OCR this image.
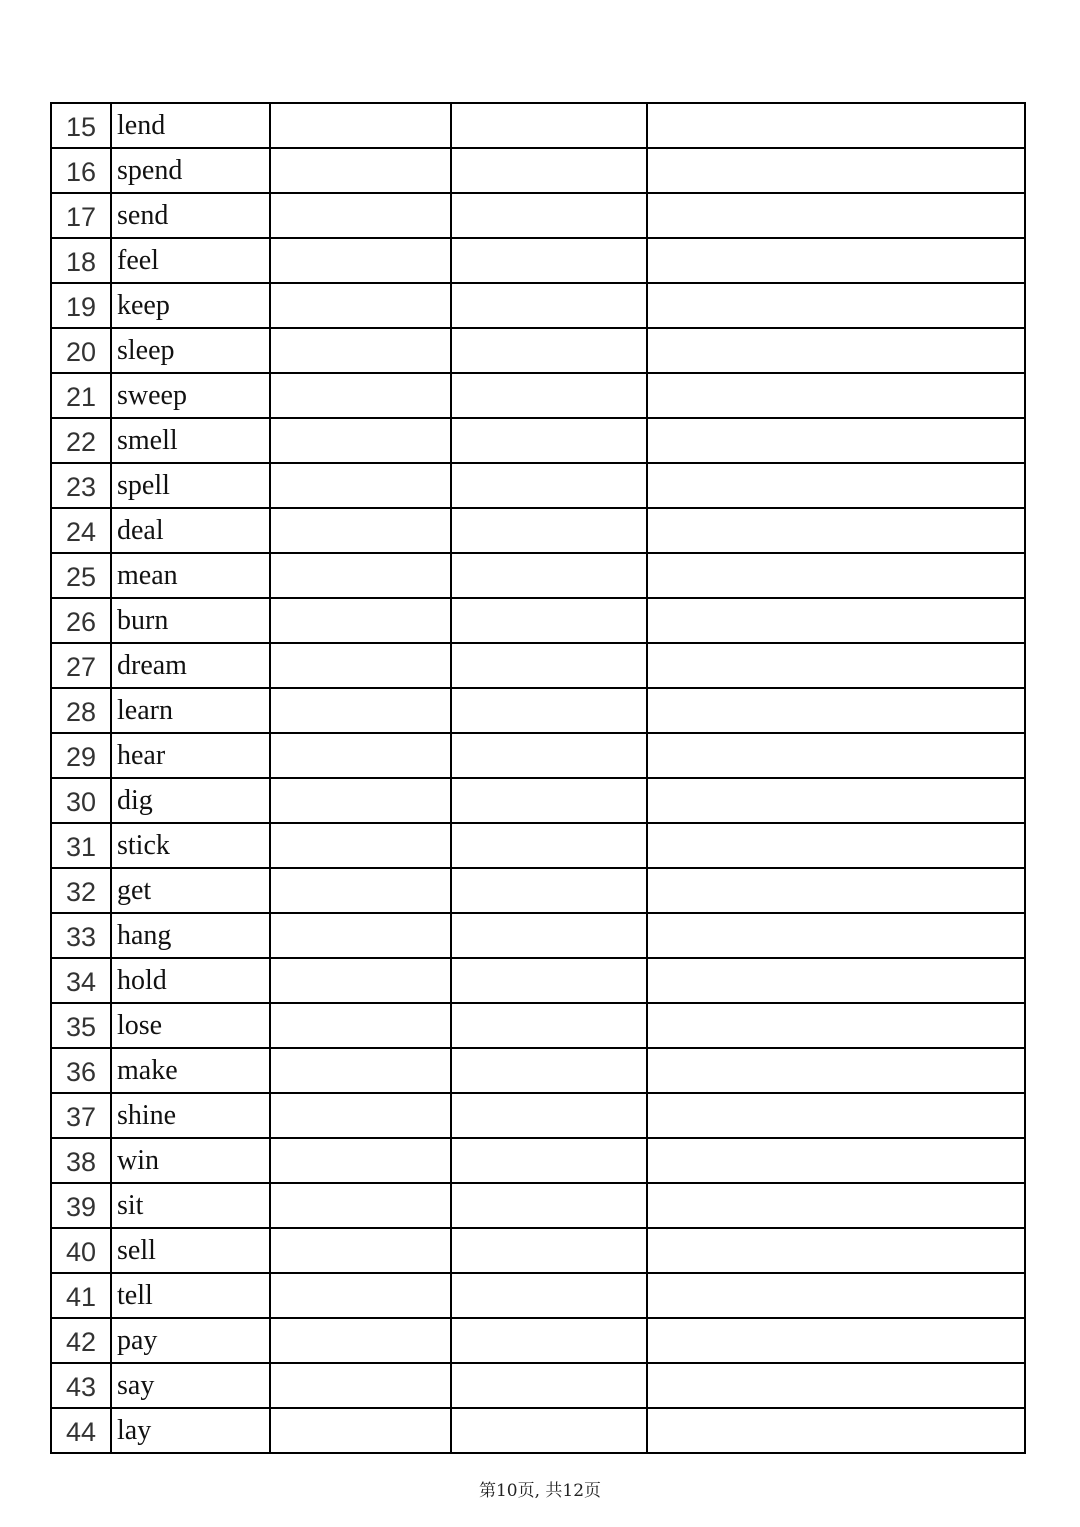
15	lend			
16	spend			
17	send			
18	feel			
19	keep			
20	sleep			
21	sweep			
22	smell			
23	spell			
24	deal			
25	mean			
26	burn			
27	dream			
28	learn			
29	hear			
30	dig			
31	stick			
32	get			
33	hang			
34	hold			
35	lose			
36	make			
37	shine			
38	win			
39	sit			
40	sell			
41	tell			
42	pay			
43	say			
44	lay			
第10页, 共12页
